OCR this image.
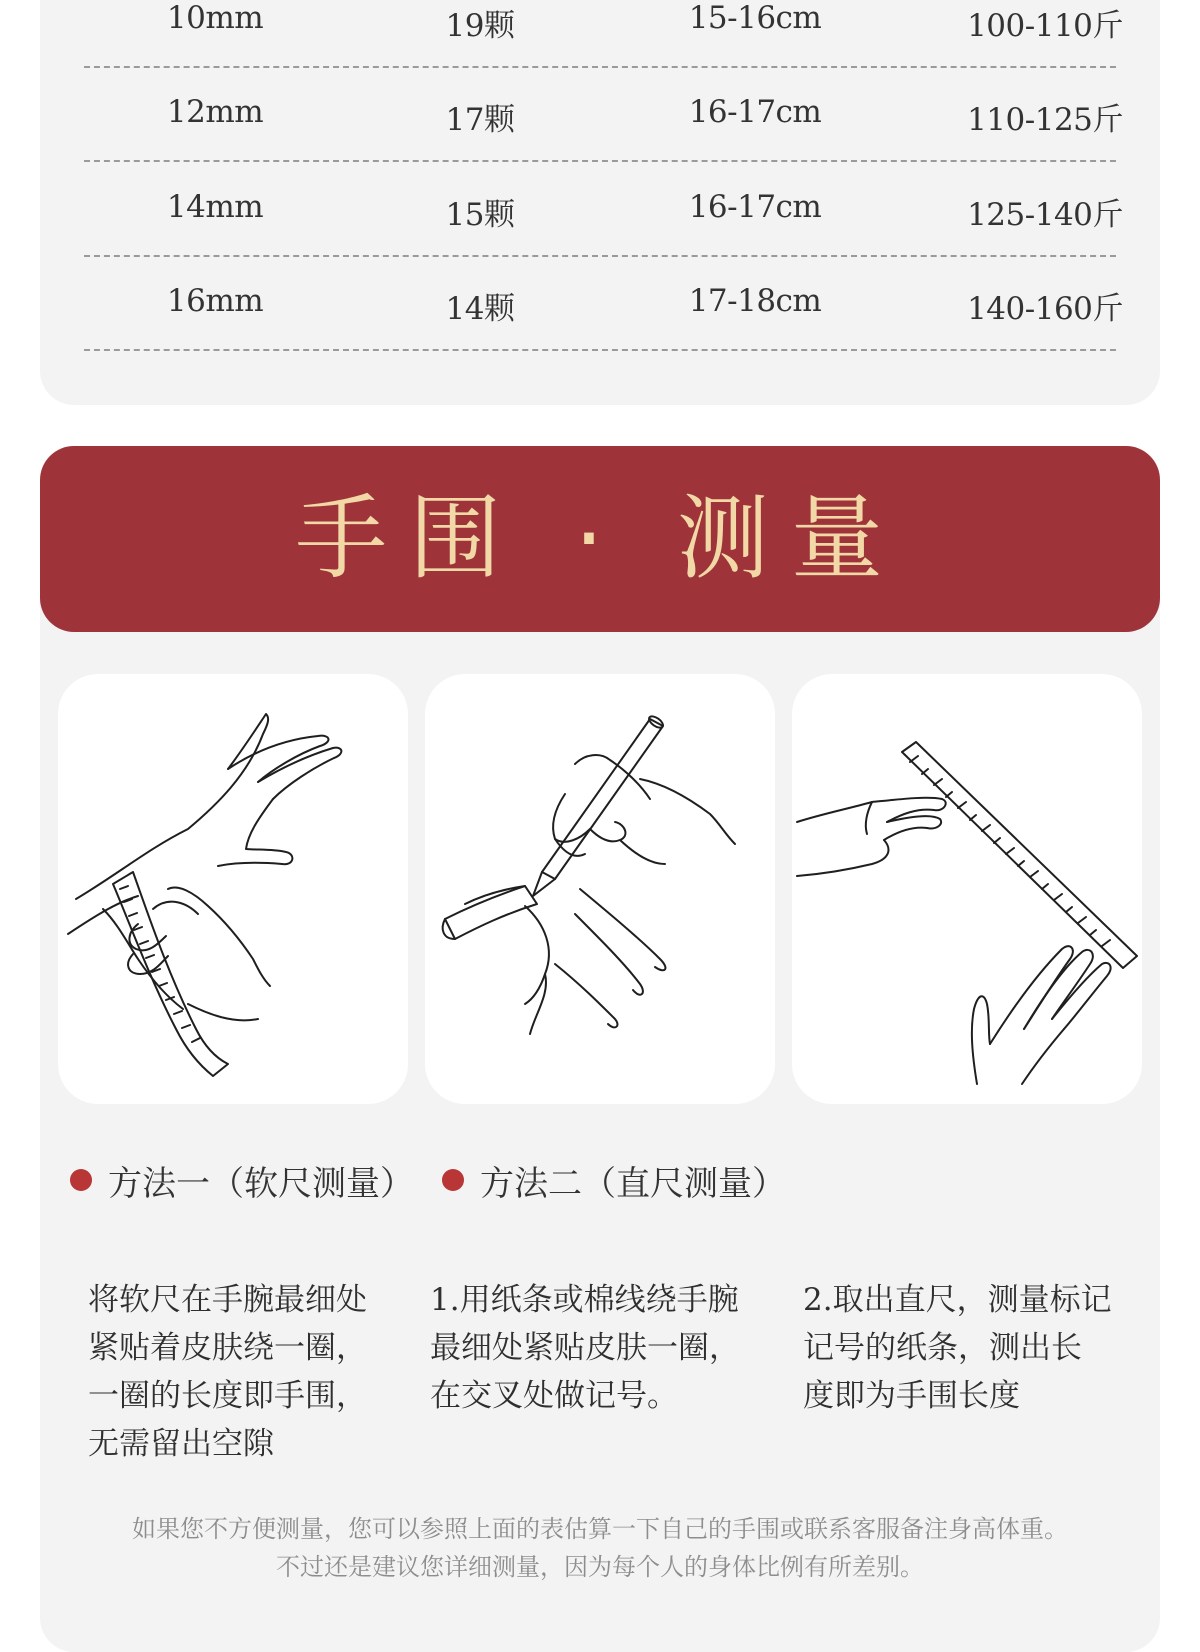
10mm	19颗	15-16cm	100-110斤
12mm	17颗	16-17cm	110-125斤
14mm	15颗	16-17cm	125-140斤
16mm	14颗	17-18cm	140-160斤
手围 · 测量
方法一（软尺测量） 方法二（直尺测量）
将软尺在手腕最细处
紧贴着皮肤绕一圈，
一圈的长度即手围，
无需留出空隙
1.用纸条或棉线绕手腕
最细处紧贴皮肤一圈，
在交叉处做记号。
2.取出直尺，测量标记
记号的纸条，测出长
度即为手围长度
如果您不方便测量，您可以参照上面的表估算一下自己的手围或联系客服备注身高体重。
不过还是建议您详细测量，因为每个人的身体比例有所差别。
